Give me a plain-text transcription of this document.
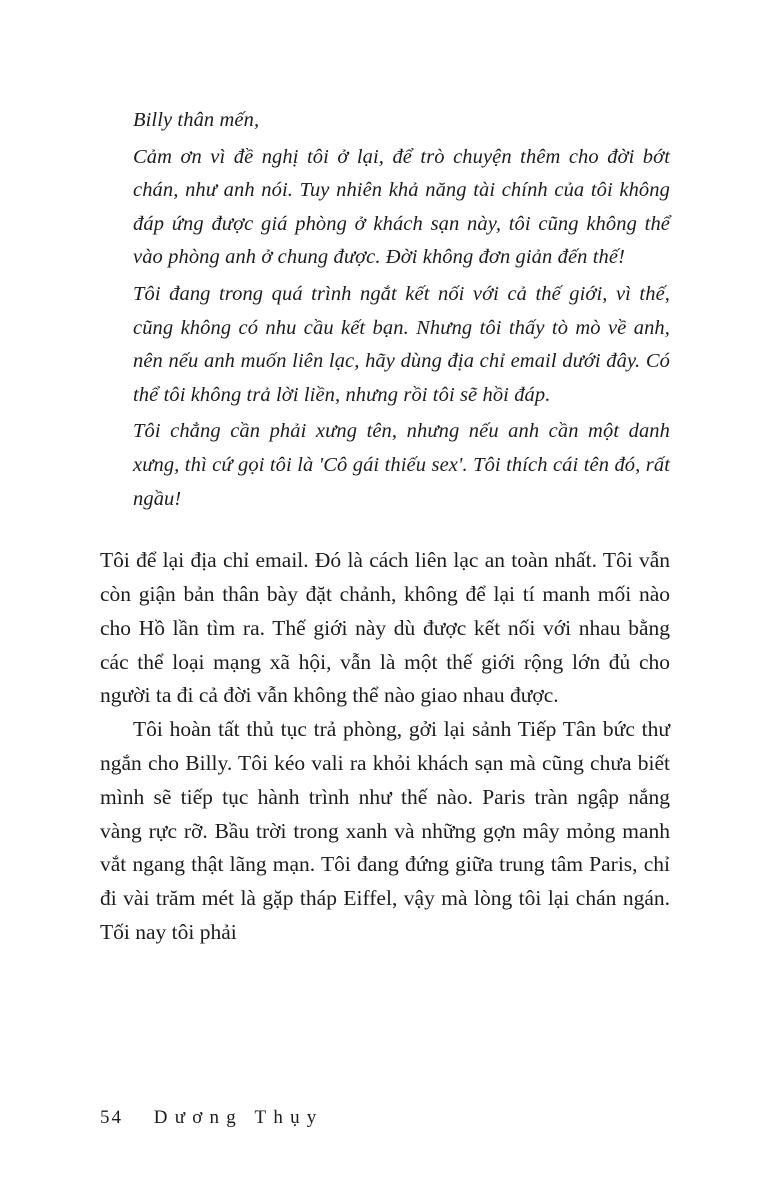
Billy thân mến,

Cảm ơn vì đề nghị tôi ở lại, để trò chuyện thêm cho đời bớt chán, như anh nói. Tuy nhiên khả năng tài chính của tôi không đáp ứng được giá phòng ở khách sạn này, tôi cũng không thể vào phòng anh ở chung được. Đời không đơn giản đến thế!

Tôi đang trong quá trình ngắt kết nối với cả thế giới, vì thế, cũng không có nhu cầu kết bạn. Nhưng tôi thấy tò mò về anh, nên nếu anh muốn liên lạc, hãy dùng địa chỉ email dưới đây. Có thể tôi không trả lời liền, nhưng rồi tôi sẽ hồi đáp.

Tôi chẳng cần phải xưng tên, nhưng nếu anh cần một danh xưng, thì cứ gọi tôi là 'Cô gái thiếu sex'. Tôi thích cái tên đó, rất ngầu!

Tôi để lại địa chỉ email. Đó là cách liên lạc an toàn nhất. Tôi vẫn còn giận bản thân bày đặt chảnh, không để lại tí manh mối nào cho Hồ lần tìm ra. Thế giới này dù được kết nối với nhau bằng các thể loại mạng xã hội, vẫn là một thế giới rộng lớn đủ cho người ta đi cả đời vẫn không thể nào giao nhau được.

Tôi hoàn tất thủ tục trả phòng, gởi lại sảnh Tiếp Tân bức thư ngắn cho Billy. Tôi kéo vali ra khỏi khách sạn mà cũng chưa biết mình sẽ tiếp tục hành trình như thế nào. Paris tràn ngập nắng vàng rực rỡ. Bầu trời trong xanh và những gợn mây mỏng manh vắt ngang thật lãng mạn. Tôi đang đứng giữa trung tâm Paris, chỉ đi vài trăm mét là gặp tháp Eiffel, vậy mà lòng tôi lại chán ngán. Tối nay tôi phải

54 Dương Thụy
